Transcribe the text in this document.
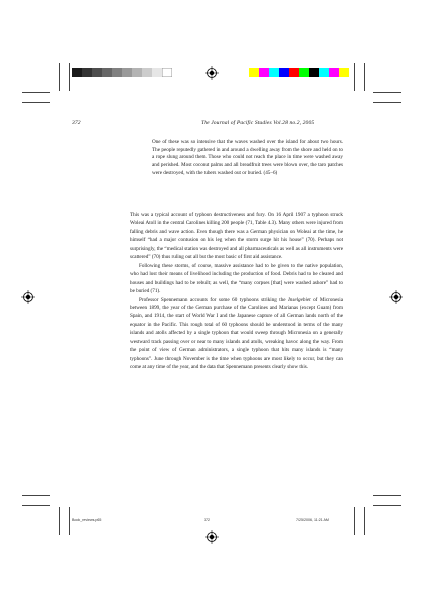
372	The Journal of Pacific Studies Vol.28 no.2, 2005

One of these was so intensive that the waves washed over the island for about two hours. The people reputedly gathered in and around a dwelling away from the shore and held on to a rope slung around them. Those who could not reach the place in time were washed away and perished. Most coconut palms and all breadfruit trees were blown over, the taro patches were destroyed, with the tubers washed out or buried. (45–6)

This was a typical account of typhoon destructiveness and fury. On 16 April 1907 a typhoon struck Woleai Atoll in the central Carolines killing 200 people (71, Table 4.3). Many others were injured from falling debris and wave action. Even though there was a German physician on Woleai at the time, he himself “had a major contusion on his leg when the storm surge hit his house” (70). Perhaps not surprisingly, the “medical station was destroyed and all pharmaceuticals as well as all instruments were scattered” (70) thus ruling out all but the most basic of first aid assistance.

Following these storms, of course, massive assistance had to be given to the native population, who had lost their means of livelihood including the production of food. Debris had to be cleared and houses and buildings had to be rebuilt; as well, the “many corpses [that] were washed ashore” had to be buried (71).

Professor Spennemann accounts for some 60 typhoons striking the Inselgebiet of Micronesia between 1899, the year of the German purchase of the Carolines and Marianas (except Guam) from Spain, and 1914, the start of World War I and the Japanese capture of all German lands north of the equator in the Pacific. This rough total of 60 typhoons should be understood in terms of the many islands and atolls affected by a single typhoon that would sweep through Micronesia on a generally westward track passing over or near to many islands and atolls, wreaking havoc along the way. From the point of view of German administrators, a single typhoon that hits many islands is “many typhoons”. June through November is the time when typhoons are most likely to occur, but they can come at any time of the year, and the data that Spennemann presents clearly show this.

Book_reviews.p65	372	7/25/2006, 11:21 AM
